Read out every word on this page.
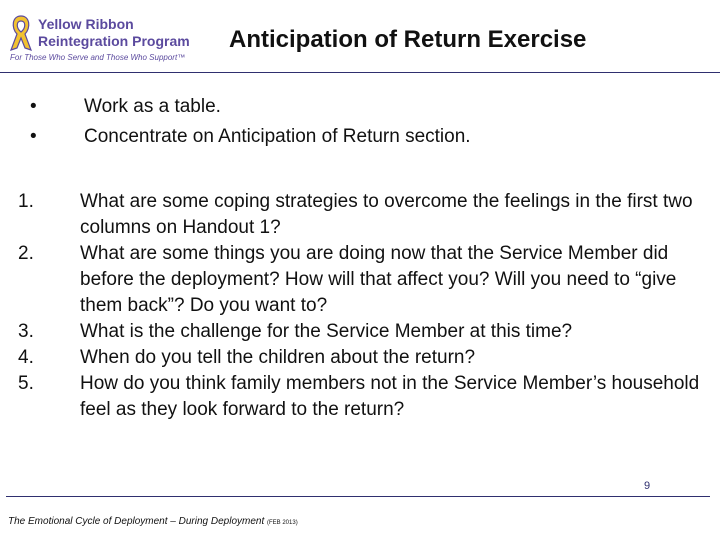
Yellow Ribbon
Reintegration Program
For Those Who Serve and Those Who Support™
Anticipation of Return Exercise
•	Work as a table.
•	Concentrate on Anticipation of Return section.
1.	What are some coping strategies to overcome the feelings in the first two columns on Handout 1?
2.	What are some things you are doing now that the Service Member did before the deployment? How will that affect you? Will you need to “give them back”? Do you want to?
3.	What is the challenge for the Service Member at this time?
4.	When do you tell the children about the return?
5.	How do you think family members not in the Service Member’s household feel as they look forward to the return?
9
The Emotional Cycle of Deployment – During Deployment (FEB 2013)
